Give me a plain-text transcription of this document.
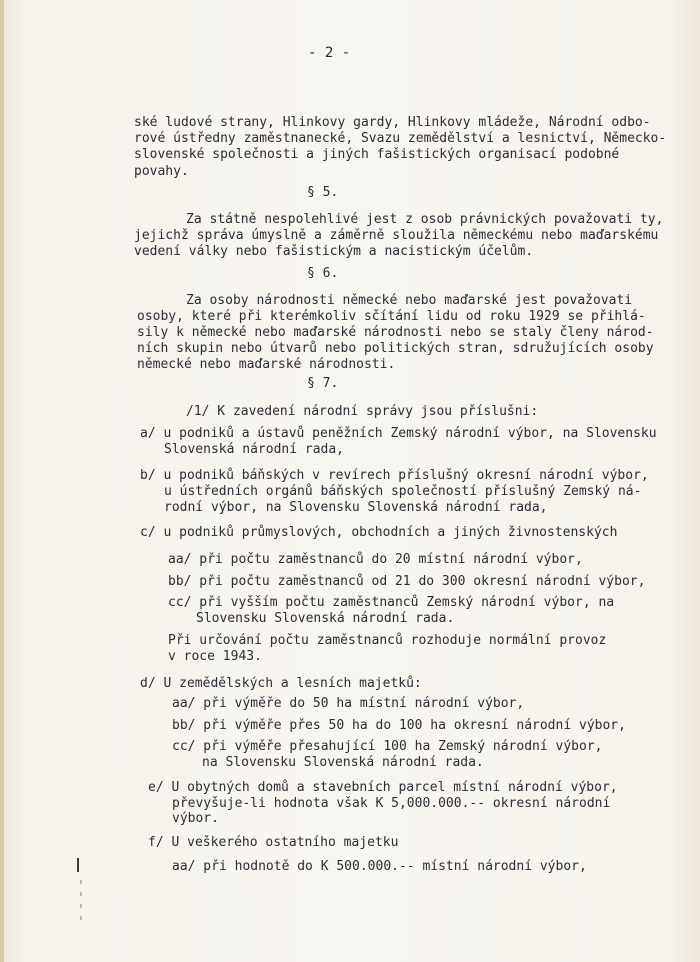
- 2 -
ské ludové strany, Hlinkovy gardy, Hlinkovy mládeže, Národní odbo-
rové ústředny zaměstnanecké, Svazu zemědělství a lesnictví, Německo-
slovenské společnosti a jiných fašistických organisací podobné
povahy.
§ 5.
Za státně nespolehlivé jest z osob právnických považovati ty,
jejichž správa úmyslně a záměrně sloužila německému nebo maďarskému
vedení války nebo fašistickým a nacistickým účelům.
§ 6.
Za osoby národnosti německé nebo maďarské jest považovati
osoby, které při kterémkoliv sčítání lidu od roku 1929 se přihlá-
sily k německé nebo maďarské národnosti nebo se staly členy národ-
ních skupin nebo útvarů nebo politických stran, sdružujících osoby
německé nebo maďarské národnosti.
§ 7.
/1/ K zavedení národní správy jsou příslušni:
a/ u podniků a ústavů peněžních Zemský národní výbor, na Slovensku
Slovenská národní rada,
b/ u podniků báňských v revírech příslušný okresní národní výbor,
u ústředních orgánů báňských společností příslušný Zemský ná-
rodní výbor, na Slovensku Slovenská národní rada,
c/ u podniků průmyslových, obchodních a jiných živnostenských
aa/ při počtu zaměstnanců do 20 místní národní výbor,
bb/ při počtu zaměstnanců od 21 do 300 okresní národní výbor,
cc/ při vyšším počtu zaměstnanců Zemský národní výbor, na
Slovensku Slovenská národní rada.
Při určování počtu zaměstnanců rozhoduje normální provoz
v roce 1943.
d/ U zemědělských a lesních majetků:
aa/ při výměře do 50 ha místní národní výbor,
bb/ při výměře přes 50 ha do 100 ha okresní národní výbor,
cc/ při výměře přesahující 100 ha Zemský národní výbor,
na Slovensku Slovenská národní rada.
e/ U obytných domů a stavebních parcel místní národní výbor,
převyšuje-li hodnota však K 5,000.000.-- okresní národní
výbor.
f/ U veškerého ostatního majetku
aa/ při hodnotě do K 500.000.-- místní národní výbor,
